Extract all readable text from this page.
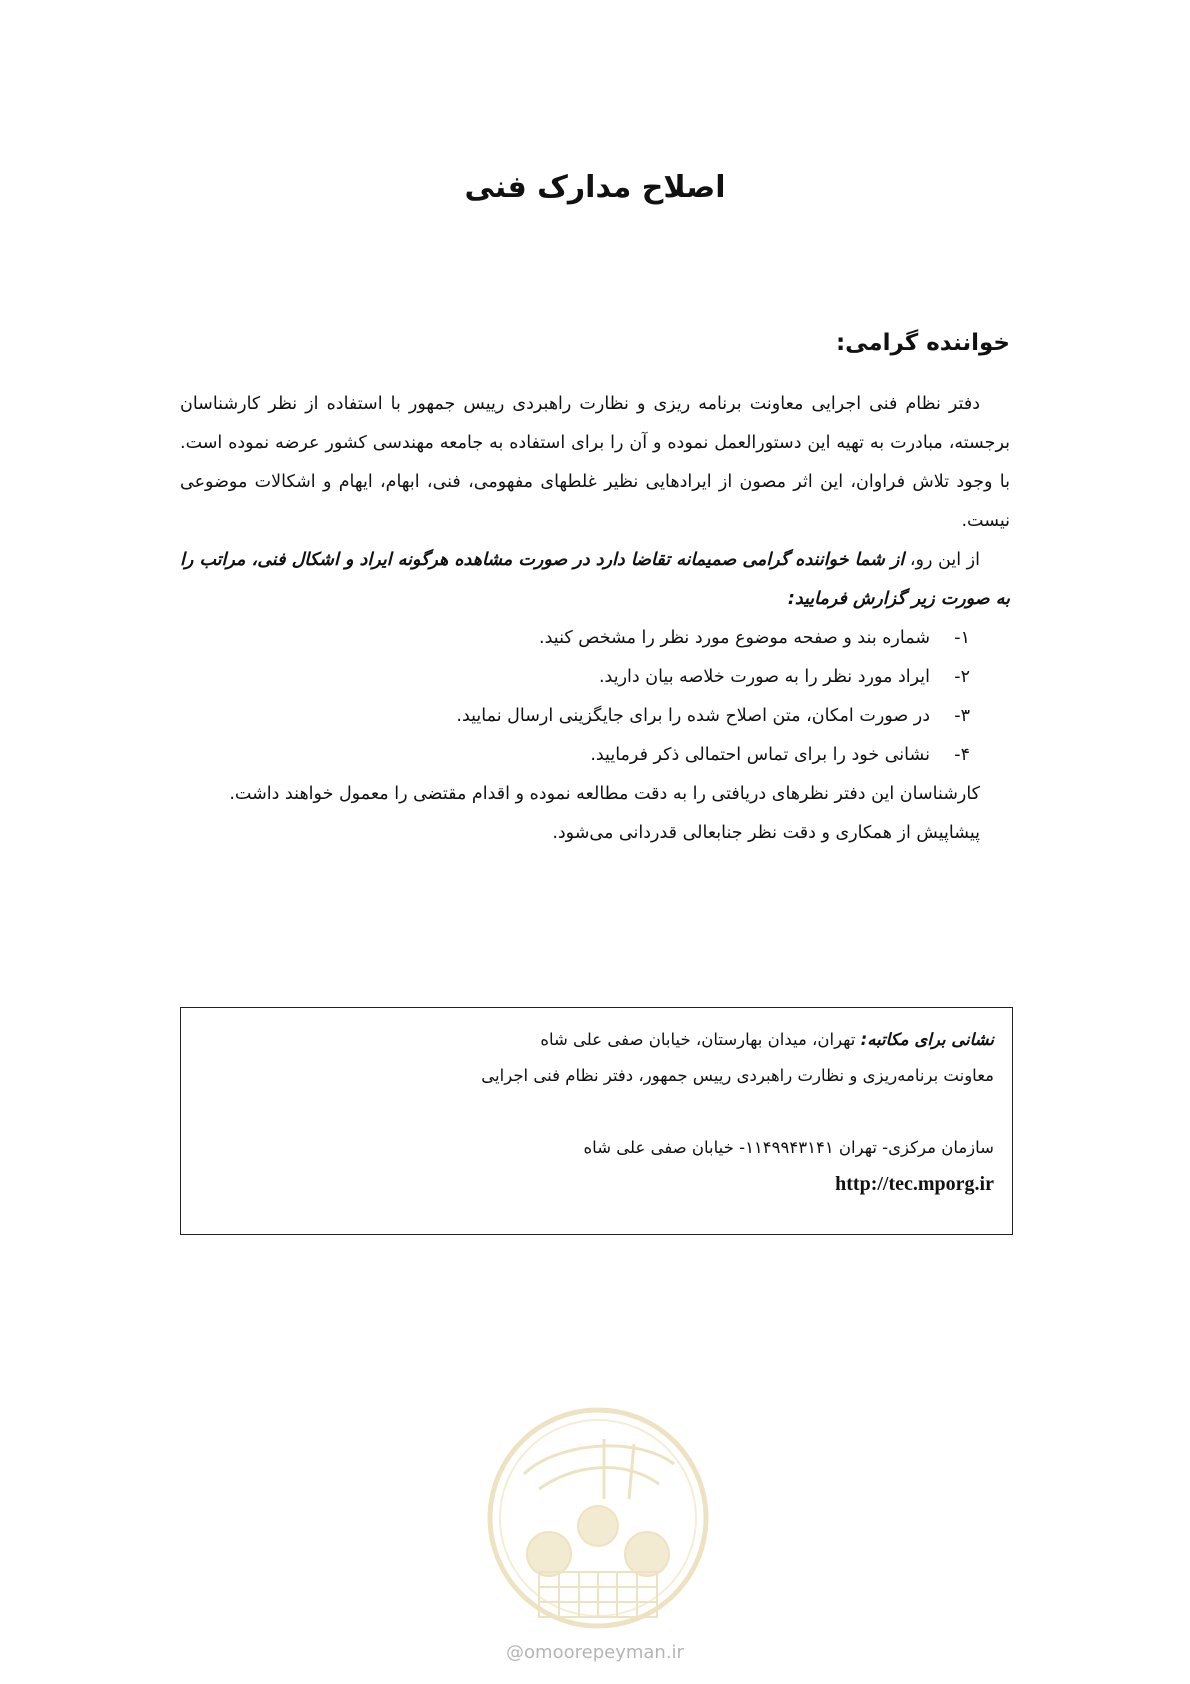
اصلاح مدارک فنی
خواننده گرامی:

دفتر نظام فنی اجرایی معاونت برنامه ریزی و نظارت راهبردی رییس جمهور با استفاده از نظر کارشناسان برجسته، مبادرت به تهیه این دستورالعمل نموده و آن را برای استفاده به جامعه مهندسی کشور عرضه نموده است. با وجود تلاش فراوان، این اثر مصون از ایرادهایی نظیر غلطهای مفهومی، فنی، ابهام، ایهام و اشکالات موضوعی نیست.

از این رو، از شما خواننده گرامی صمیمانه تقاضا دارد در صورت مشاهده هرگونه ایراد و اشکال فنی، مراتب را به صورت زیر گزارش فرمایید:

۱-شماره بند و صفحه موضوع مورد نظر را مشخص کنید.
۲-ایراد مورد نظر را به صورت خلاصه بیان دارید.
۳-در صورت امکان، متن اصلاح شده را برای جایگزینی ارسال نمایید.
۴-نشانی خود را برای تماس احتمالی ذکر فرمایید.

کارشناسان این دفتر نظرهای دریافتی را به دقت مطالعه نموده و اقدام مقتضی را معمول خواهند داشت.

پیشاپیش از همکاری و دقت نظر جنابعالی قدردانی می‌شود.

نشانی برای مکاتبه: تهران، میدان بهارستان، خیابان صفی علی شاه

معاونت برنامه‌ریزی و نظارت راهبردی رییس جمهور، دفتر نظام فنی اجرایی

سازمان مرکزی- تهران ۱۱۴۹۹۴۳۱۴۱- خیابان صفی علی شاه

http://tec.mporg.ir

@omoorepeyman.ir
